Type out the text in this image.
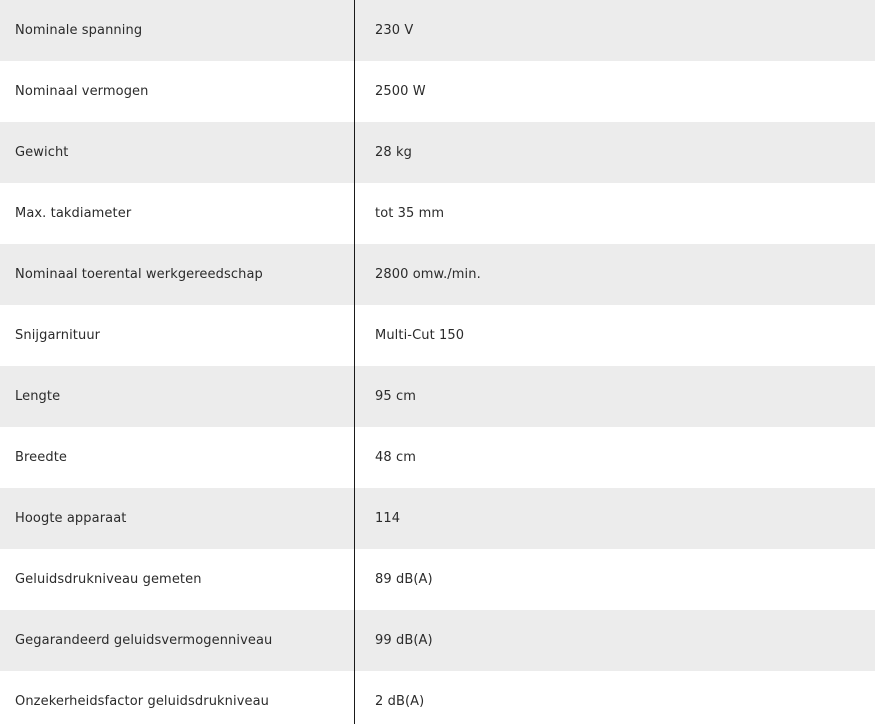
Nominale spanning	230 V
Nominaal vermogen	2500 W
Gewicht	28 kg
Max. takdiameter	tot 35 mm
Nominaal toerental werkgereedschap	2800 omw./min.
Snijgarnituur	Multi-Cut 150
Lengte	95 cm
Breedte	48 cm
Hoogte apparaat	114
Geluidsdrukniveau gemeten	89 dB(A)
Gegarandeerd geluidsvermogenniveau	99 dB(A)
Onzekerheidsfactor geluidsdrukniveau	2 dB(A)
